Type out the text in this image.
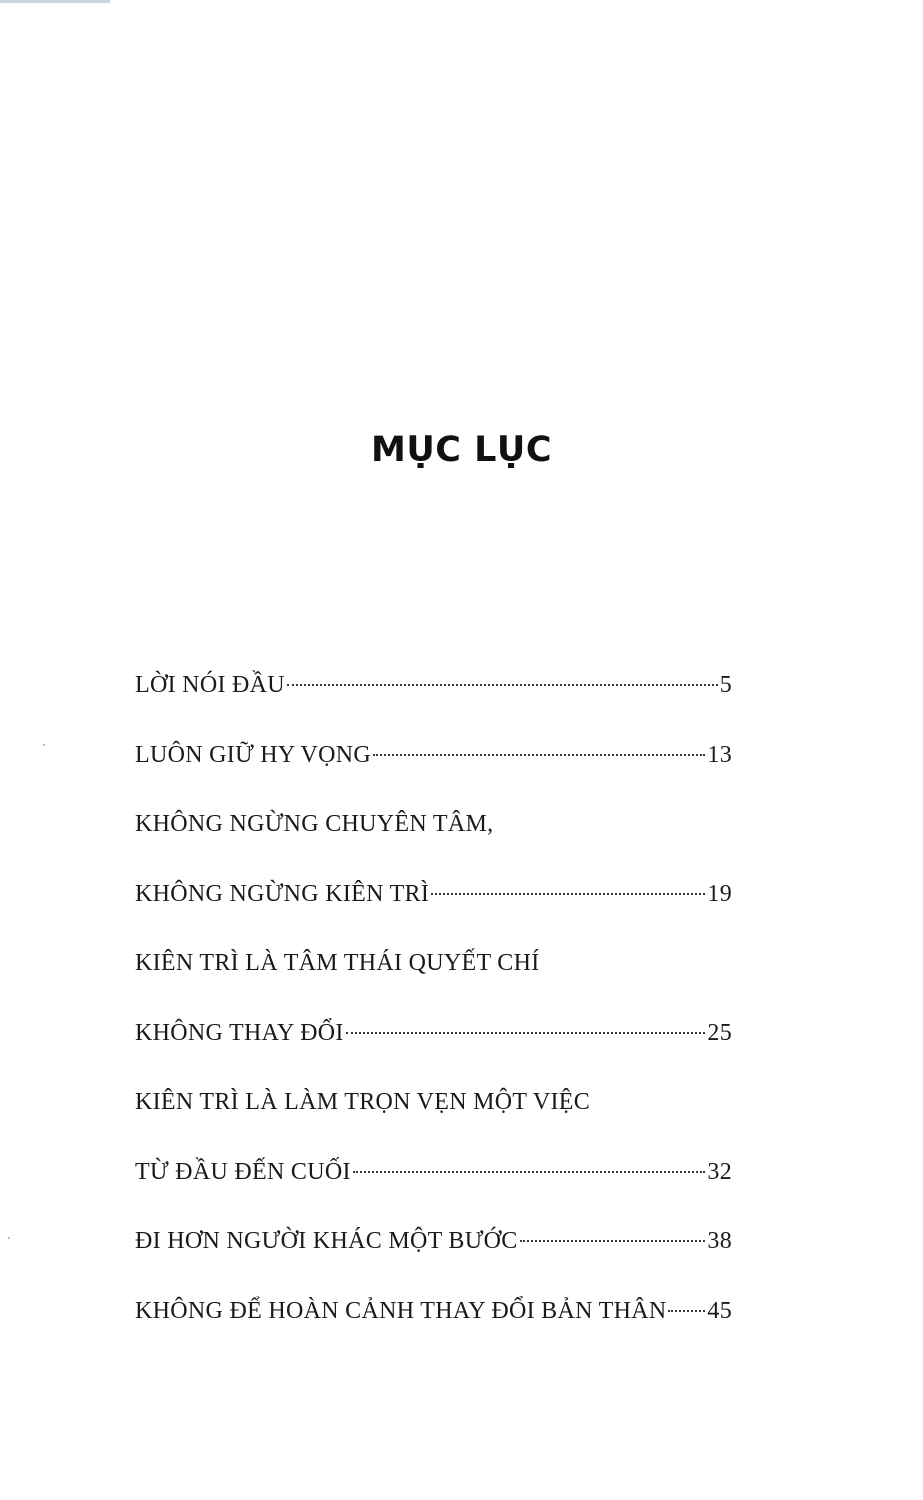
MỤC LỤC
LỜI NÓI ĐẦU	5
LUÔN GIỮ HY VỌNG	13
KHÔNG NGỪNG CHUYÊN TÂM,
KHÔNG NGỪNG KIÊN TRÌ	19
KIÊN TRÌ LÀ TÂM THÁI QUYẾT CHÍ
KHÔNG THAY ĐỔI	25
KIÊN TRÌ LÀ LÀM TRỌN VẸN MỘT VIỆC
TỪ ĐẦU ĐẾN CUỐI	32
ĐI HƠN NGƯỜI KHÁC MỘT BƯỚC	38
KHÔNG ĐỂ HOÀN CẢNH THAY ĐỔI BẢN THÂN 45
